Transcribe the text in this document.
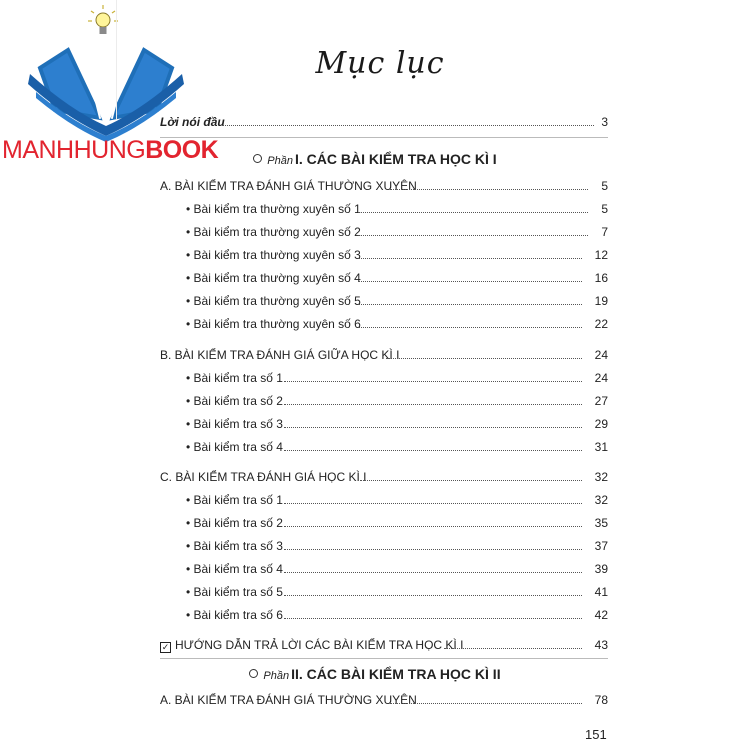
MANHHUNGBOOK
Mục lục
Lời nói đầu	3
Phần I. CÁC BÀI KIỂM TRA HỌC KÌ I
A. BÀI KIỂM TRA ĐÁNH GIÁ THƯỜNG XUYÊN	5
• Bài kiểm tra thường xuyên số 1	5
• Bài kiểm tra thường xuyên số 2	7
• Bài kiểm tra thường xuyên số 3	12
• Bài kiểm tra thường xuyên số 4	16
• Bài kiểm tra thường xuyên số 5	19
• Bài kiểm tra thường xuyên số 6	22
B. BÀI KIỂM TRA ĐÁNH GIÁ GIỮA HỌC KÌ I	24
• Bài kiểm tra số 1	24
• Bài kiểm tra số 2	27
• Bài kiểm tra số 3	29
• Bài kiểm tra số 4	31
C. BÀI KIỂM TRA ĐÁNH GIÁ HỌC KÌ I	32
• Bài kiểm tra số 1	32
• Bài kiểm tra số 2	35
• Bài kiểm tra số 3	37
• Bài kiểm tra số 4	39
• Bài kiểm tra số 5	41
• Bài kiểm tra số 6	42
✓ HƯỚNG DẪN TRẢ LỜI CÁC BÀI KIỂM TRA HỌC KÌ I	43
Phần II. CÁC BÀI KIỂM TRA HỌC KÌ II
A. BÀI KIỂM TRA ĐÁNH GIÁ THƯỜNG XUYÊN	78
151
